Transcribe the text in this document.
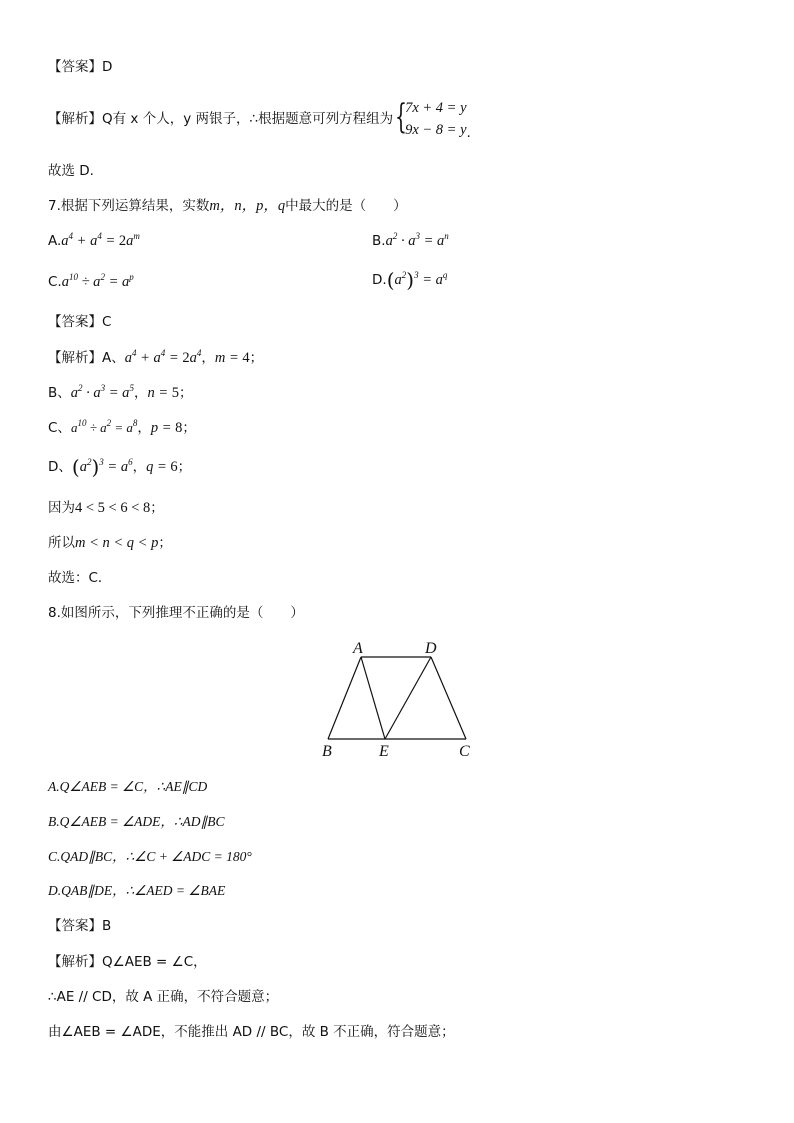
【答案】D
【解析】Q有 x 个人，y 两银子，∴根据题意可列方程组为 {
7x + 4 = y
9x − 8 = y .
故选 D.
7.根据下列运算结果，实数m，n，p，q中最大的是（　　）
$A.a^4 + a^4 = 2a^m$	$B.a^2 \cdot a^3 = a^n$
$C.a^{10} \div a^2 = a^p$	$D.(a^2)^3 = a^q$
【答案】C
【解析】A、$a^4 + a^4 = 2a^4$，m = 4；
B、$a^2 \cdot a^3 = a^5$，n = 5；
C、$a^{10} \div a^2 = a^8$，p = 8；
D、$(a^2)^3 = a^6$，q = 6；
因为4 < 5 < 6 < 8；
所以m < n < q < p；
故选：C．
8.如图所示，下列推理不正确的是（　　）
A	D
B	E	C
A.Q∠AEB = ∠C，∴AE∥CD
B.Q∠AEB = ∠ADE，∴AD∥BC
C.QAD∥BC，∴∠C + ∠ADC = 180°
D.QAB∥DE，∴∠AED = ∠BAE
【答案】B
【解析】Q∠AEB = ∠C，
∴AE // CD，故 A 正确，不符合题意；
由∠AEB = ∠ADE，不能推出 AD // BC，故 B 不正确，符合题意；
